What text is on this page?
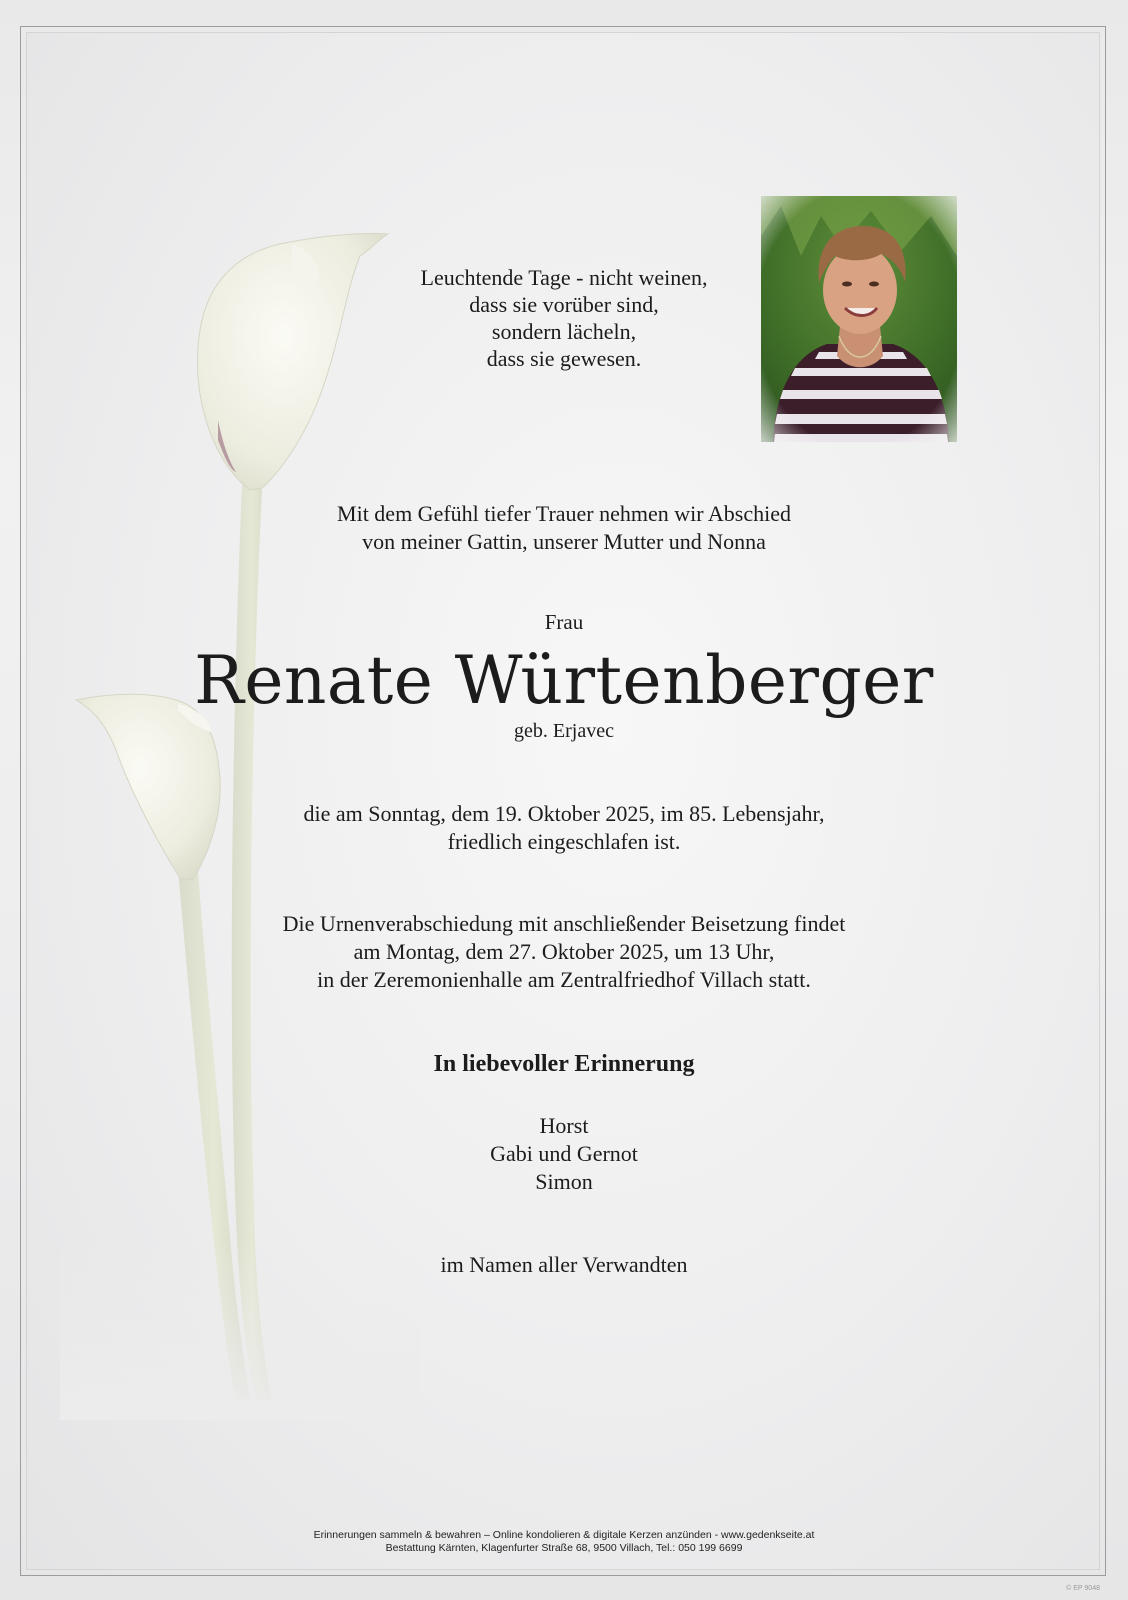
Leuchtende Tage - nicht weinen,
dass sie vorüber sind,
sondern lächeln,
dass sie gewesen.
Mit dem Gefühl tiefer Trauer nehmen wir Abschied
von meiner Gattin, unserer Mutter und Nonna
Frau
Renate Würtenberger
geb. Erjavec
die am Sonntag, dem 19. Oktober 2025, im 85. Lebensjahr,
friedlich eingeschlafen ist.
Die Urnenverabschiedung mit anschließender Beisetzung findet
am Montag, dem 27. Oktober 2025, um 13 Uhr,
in der Zeremonienhalle am Zentralfriedhof Villach statt.
In liebevoller Erinnerung
Horst
Gabi und Gernot
Simon
im Namen aller Verwandten
Erinnerungen sammeln & bewahren – Online kondolieren & digitale Kerzen anzünden - www.gedenkseite.at
Bestattung Kärnten, Klagenfurter Straße 68, 9500 Villach, Tel.: 050 199 6699
© EP 9048
